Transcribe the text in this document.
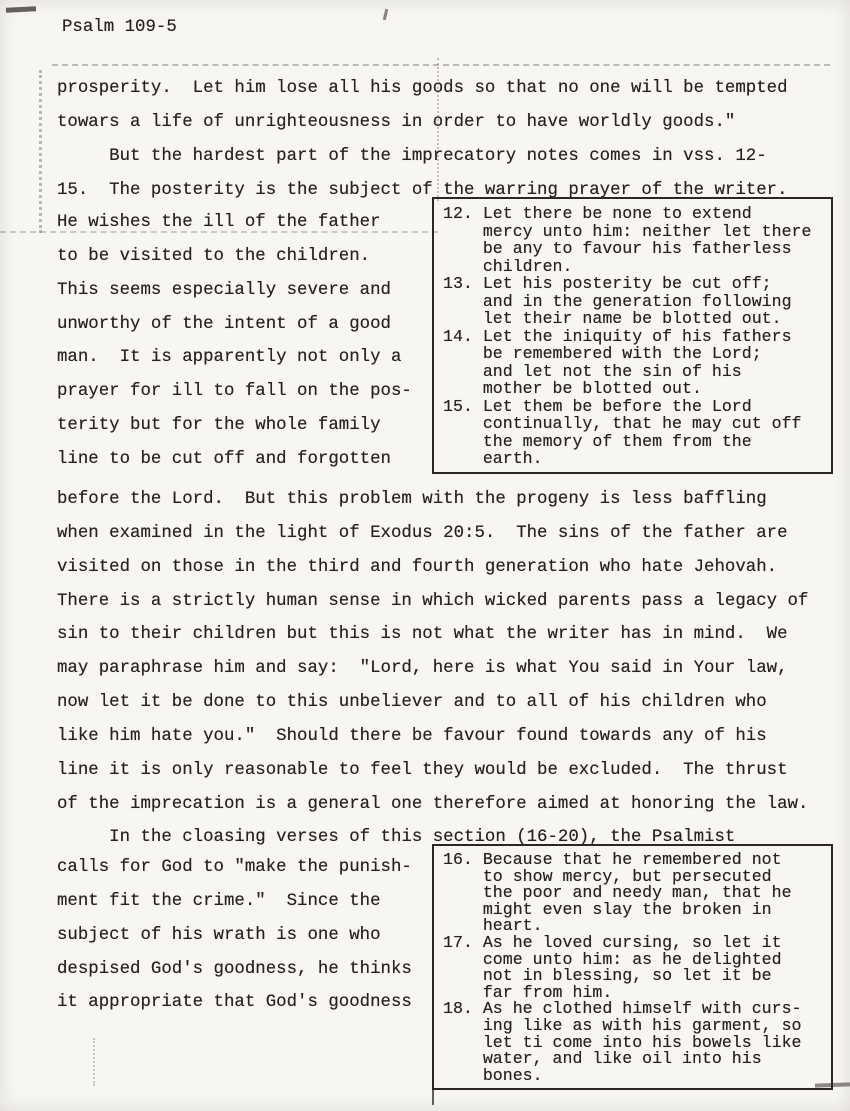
Psalm 109-5
prosperity.  Let him lose all his goods so that no one will be tempted
towars a life of unrighteousness in order to have worldly goods."
But the hardest part of the imprecatory notes comes in vss. 12-
15.  The posterity is the subject of the warring prayer of the writer.
He wishes the ill of the father
to be visited to the children.
This seems especially severe and
unworthy of the intent of a good
man.  It is apparently not only a
prayer for ill to fall on the pos-
terity but for the whole family
line to be cut off and forgotten
12. Let there be none to extend
mercy unto him: neither let there
be any to favour his fatherless
children.
13. Let his posterity be cut off;
and in the generation following
let their name be blotted out.
14. Let the iniquity of his fathers
be remembered with the Lord;
and let not the sin of his
mother be blotted out.
15. Let them be before the Lord
continually, that he may cut off
the memory of them from the
earth.
before the Lord.  But this problem with the progeny is less baffling
when examined in the light of Exodus 20:5.  The sins of the father are
visited on those in the third and fourth generation who hate Jehovah.
There is a strictly human sense in which wicked parents pass a legacy of
sin to their children but this is not what the writer has in mind.  We
may paraphrase him and say:  "Lord, here is what You said in Your law,
now let it be done to this unbeliever and to all of his children who
like him hate you."  Should there be favour found towards any of his
line it is only reasonable to feel they would be excluded.  The thrust
of the imprecation is a general one therefore aimed at honoring the law.
In the cloasing verses of this section (16-20), the Psalmist
calls for God to "make the punish-
ment fit the crime."  Since the
subject of his wrath is one who
despised God's goodness, he thinks
it appropriate that God's goodness
16. Because that he remembered not
to show mercy, but persecuted
the poor and needy man, that he
might even slay the broken in
heart.
17. As he loved cursing, so let it
come unto him: as he delighted
not in blessing, so let it be
far from him.
18. As he clothed himself with curs-
ing like as with his garment, so
let ti come into his bowels like
water, and like oil into his
bones.
